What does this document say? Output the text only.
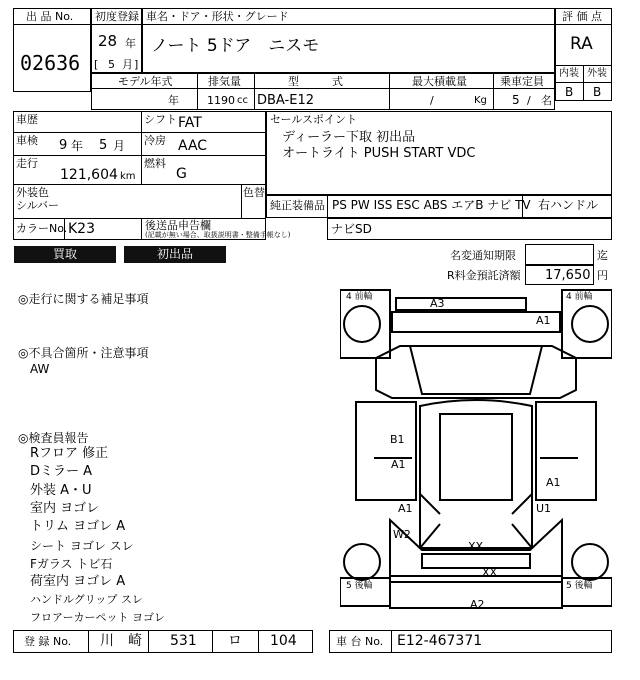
出 品 No.
02636
初度登録
28 年
[ 5 月 ]
車名・ドア・形状・グレード
ノート 5ドア　ニスモ
評 価 点
RA
内装 外装
B B
モデル年式
年
排気量
1190 cc
型　　　式
DBA-E12
最大積載量
/	Kg
乗車定員
5 / 名
車歴	シフト FAT
車検 9 年 5 月 冷房 AAC
走行
121,604 km
燃料
G
外装色
シルバー
色替
カラーNo. K23	後送品申告欄
(記載が無い場合、取扱説明書・整備手帳なし)
セールスポイント
ディーラー下取 初出品
オートライト PUSH START VDC
純正装備品 PS PW ISS ESC ABS エアB ナビ TV 右ハンドル
ナビSD
買取	初出品	名変通知期限	迄
R料金預託済額 17,650 円
◎走行に関する補足事項
◎不具合箇所・注意事項
AW
◎検査員報告
Rフロア 修正
Dミラー A
外装 A・U
室内 ヨゴレ
トリム ヨゴレ A
シート ヨゴレ スレ
Fガラス トビ石
荷室内 ヨゴレ A
ハンドルグリップ スレ
フロアーカーペット ヨゴレ
4 前輪	4 前輪
5 後輪	5 後輪
A3
A1
B1
A1
A1
A1	U1
W2
XX
XX
A2
登 録 No. 川　崎 531 ロ 104	車 台 No. E12-467371
